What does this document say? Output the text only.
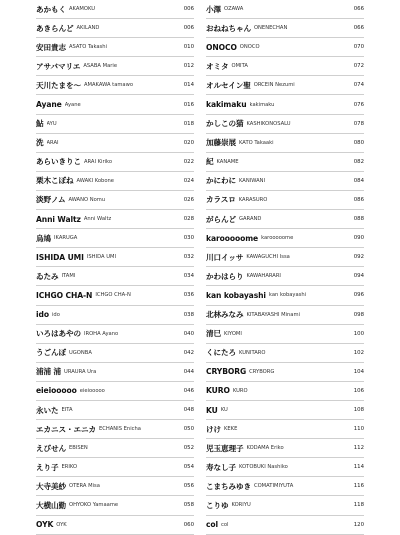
あかもく AKAMOKU	006
あきらんど AKILAND	006
安田貴志 ASATO Takashi	010
アサバマリエ ASABA Marie	012
天川たまを～ AMAKAWA tamawo	014
Ayane Ayane	016
鮎 AYU	018
洗 ARAI	020
あらいきりこ ARAI Kiriko	022
栗木こぼね AWAKI Kobone	024
淡野ノム AWANO Nomu	026
Anni Waltz Anni Waltz	028
烏鳩 IKARUGA	030
ISHIDA UMI ISHIDA UMI	032
ゐたみ ITAMI	034
ICHGO CHA-N ICHGO CHA-N	036
ido ido	038
いろはあやの IROHA Ayano	040
うごんぼ UGONBA	042
浦浦 浦 URAURA Ura	044
eieiooooo eieiooooo	046
永いた EITA	048
エカニス・エニカ ECHANIS Enicha	050
えびせん EBISEN	052
えり子 ERIKO	054
大寺美紗 OTERA Misa	056
大横山勤 OHYOKO Yamaame	058
OYK OYK	060
小澤 OZAWA	066
おねねちゃん ONENECHAN	066
ONOCO ONOCO	070
オミタ OMITA	072
オルセイン聖 ORCEIN Nezumi	074
kakimaku kakimaku	076
かしこの猫 KASHIKONOSALU	078
加藤崇展 KATO Takaaki	080
紀 KANAME	082
かにわに KANIWANI	084
カラスロ KARASURO	086
がらんど GARAND	088
karooooome karooooome	090
川口イッサ KAWAGUCHI Issa	092
かわはらり KAWAHARARI	094
kan kobayashi kan kobayashi	096
北林みなみ KITABAYASHI Minami	098
清巳 KIYOMI	100
くにたろ KUNITARO	102
CRYBORG CRYBORG	104
KURO KURO	106
KU KU	108
けけ KEKE	110
児玉恵理子 KODAMA Eriko	112
寿なし子 KOTOBUKI Nashiko	114
こまちみゆき COMATIMIYUTA	116
こりゆ KORIYU	118
col col	120
